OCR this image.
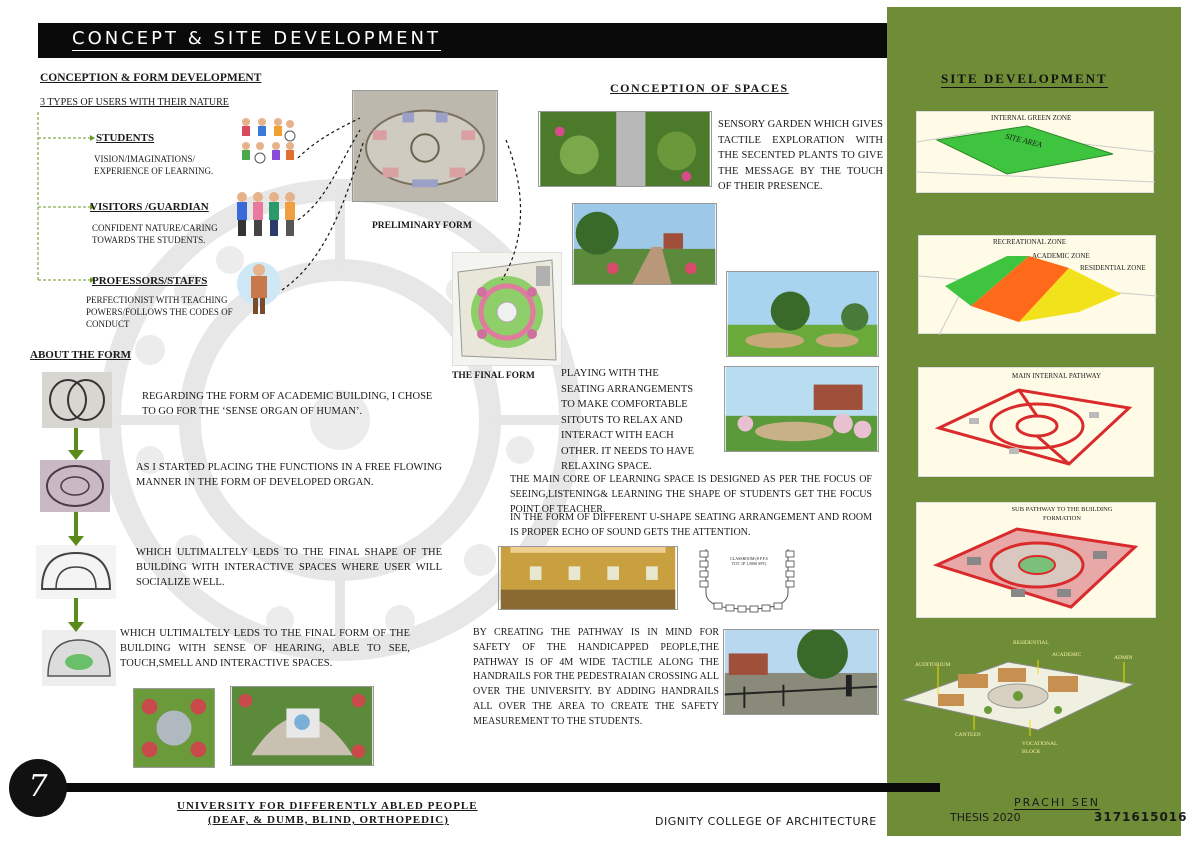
CONCEPT & SITE DEVELOPMENT
SITE DEVELOPMENT
CONCEPTION & FORM DEVELOPMENT
3 TYPES OF USERS WITH THEIR NATURE
STUDENTS
VISION/IMAGINATIONS/ EXPERIENCE OF LEARNING.
VISITORS /GUARDIAN
CONFIDENT NATURE/CARING TOWARDS THE STUDENTS.
PROFESSORS/STAFFS
PERFECTIONIST WITH TEACHING POWERS/FOLLOWS THE CODES OF CONDUCT
PRELIMINARY FORM
THE FINAL FORM
ABOUT THE FORM
REGARDING THE FORM OF ACADEMIC BUILDING, I CHOSE TO GO FOR THE ‘SENSE ORGAN OF HUMAN’.
AS I STARTED PLACING THE FUNCTIONS IN A FREE FLOWING MANNER IN THE FORM OF DEVELOPED ORGAN.
WHICH ULTIMALTELY LEDS TO THE FINAL SHAPE OF THE BUILDING WITH INTERACTIVE SPACES WHERE USER WILL SOCIALIZE WELL.
WHICH ULTIMALTELY LEDS TO THE FINAL FORM OF THE BUILDING WITH SENSE OF HEARING, ABLE TO SEE, TOUCH,SMELL AND INTERACTIVE SPACES.
CONCEPTION OF SPACES
SENSORY GARDEN WHICH GIVES TACTILE EXPLORATION WITH THE SECENTED PLANTS TO GIVE THE MESSAGE BY THE TOUCH OF THEIR PRESENCE.
PLAYING WITH THE SEATING ARRANGEMENTS TO MAKE COMFORTABLE SITOUTS TO RELAX AND INTERACT WITH EACH OTHER. IT NEEDS TO HAVE RELAXING SPACE.
THE MAIN CORE OF LEARNING SPACE IS DESIGNED AS PER THE FOCUS OF SEEING,LISTENING& LEARNING THE SHAPE OF STUDENTS GET THE FOCUS POINT OF TEACHER.
IN THE FORM OF DIFFERENT U-SHAPE SEATING ARRANGEMENT AND ROOM IS PROPER ECHO OF SOUND GETS THE ATTENTION.
CLASSROOM (8 F.F.S TOT. 1P 1,5000 SFT)
BY CREATING THE PATHWAY IS IN MIND FOR SAFETY OF THE HANDICAPPED PEOPLE,THE PATHWAY IS OF 4M WIDE TACTILE ALONG THE HANDRAILS FOR THE PEDESTRAIAN CROSSING ALL OVER THE UNIVERSITY. BY ADDING HANDRAILS ALL OVER THE AREA TO CREATE THE SAFETY MEASUREMENT TO THE STUDENTS.
INTERNAL GREEN ZONE
SITE AREA
RECREATIONAL ZONE
ACADEMIC ZONE
RESIDENTIAL ZONE
MAIN INTERNAL PATHWAY
SUB PATHWAY TO THE BUILDING FORMATION
RESIDENTIAL
ACADEMIC	ADMIN
AUDITORIUM
CANTEEN
VOCATIONAL BLOCK
7
UNIVERSITY FOR DIFFERENTLY ABLED PEOPLE
(DEAF, & DUMB, BLIND, ORTHOPEDIC)	DIGNITY COLLEGE OF ARCHITECTURE
PRACHI SEN
THESIS 2020	3171615016
